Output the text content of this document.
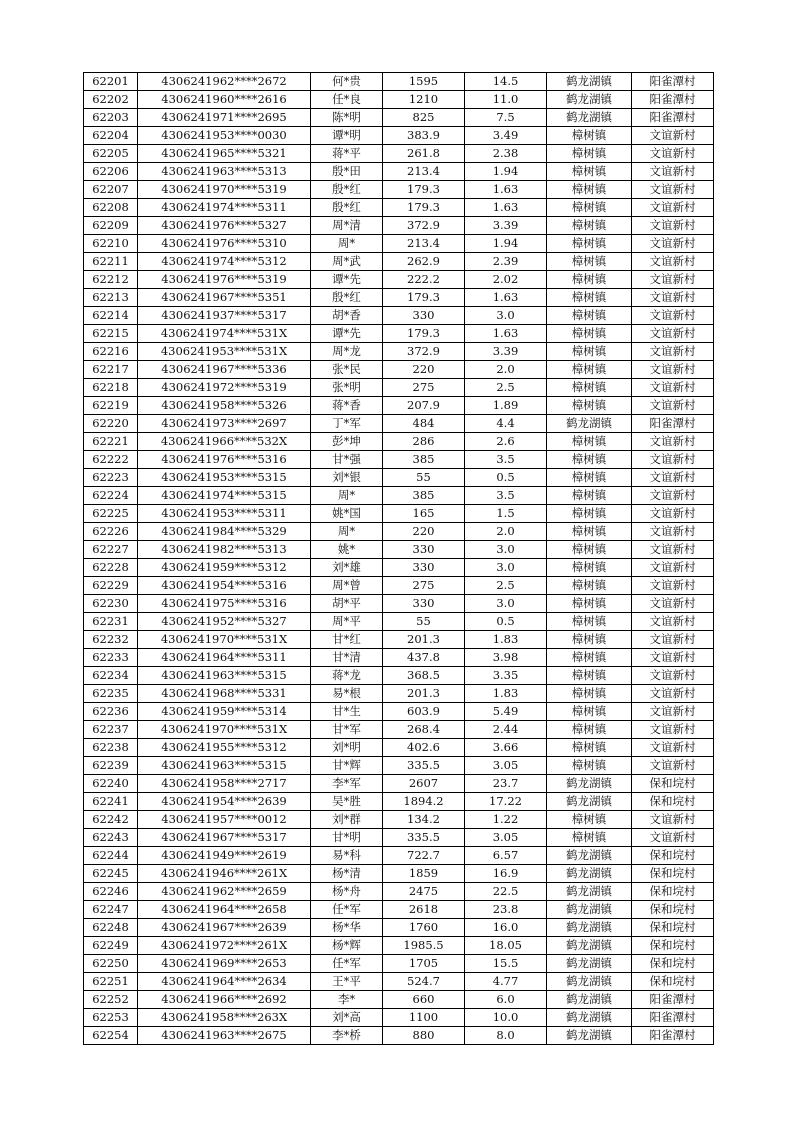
62201	4306241962****2672	何*贵	1595	14.5	鹤龙湖镇	阳雀潭村
62202	4306241960****2616	任*良	1210	11.0	鹤龙湖镇	阳雀潭村
62203	4306241971****2695	陈*明	825	7.5	鹤龙湖镇	阳雀潭村
62204	4306241953****0030	谭*明	383.9	3.49	樟树镇	文谊新村
62205	4306241965****5321	蒋*平	261.8	2.38	樟树镇	文谊新村
62206	4306241963****5313	殷*田	213.4	1.94	樟树镇	文谊新村
62207	4306241970****5319	殷*红	179.3	1.63	樟树镇	文谊新村
62208	4306241974****5311	殷*红	179.3	1.63	樟树镇	文谊新村
62209	4306241976****5327	周*清	372.9	3.39	樟树镇	文谊新村
62210	4306241976****5310	周*	213.4	1.94	樟树镇	文谊新村
62211	4306241974****5312	周*武	262.9	2.39	樟树镇	文谊新村
62212	4306241976****5319	谭*先	222.2	2.02	樟树镇	文谊新村
62213	4306241967****5351	殷*红	179.3	1.63	樟树镇	文谊新村
62214	4306241937****5317	胡*香	330	3.0	樟树镇	文谊新村
62215	4306241974****531X	谭*先	179.3	1.63	樟树镇	文谊新村
62216	4306241953****531X	周*龙	372.9	3.39	樟树镇	文谊新村
62217	4306241967****5336	张*民	220	2.0	樟树镇	文谊新村
62218	4306241972****5319	张*明	275	2.5	樟树镇	文谊新村
62219	4306241958****5326	蒋*香	207.9	1.89	樟树镇	文谊新村
62220	4306241973****2697	丁*军	484	4.4	鹤龙湖镇	阳雀潭村
62221	4306241966****532X	彭*坤	286	2.6	樟树镇	文谊新村
62222	4306241976****5316	甘*强	385	3.5	樟树镇	文谊新村
62223	4306241953****5315	刘*银	55	0.5	樟树镇	文谊新村
62224	4306241974****5315	周*	385	3.5	樟树镇	文谊新村
62225	4306241953****5311	姚*国	165	1.5	樟树镇	文谊新村
62226	4306241984****5329	周*	220	2.0	樟树镇	文谊新村
62227	4306241982****5313	姚*	330	3.0	樟树镇	文谊新村
62228	4306241959****5312	刘*雄	330	3.0	樟树镇	文谊新村
62229	4306241954****5316	周*曾	275	2.5	樟树镇	文谊新村
62230	4306241975****5316	胡*平	330	3.0	樟树镇	文谊新村
62231	4306241952****5327	周*平	55	0.5	樟树镇	文谊新村
62232	4306241970****531X	甘*红	201.3	1.83	樟树镇	文谊新村
62233	4306241964****5311	甘*清	437.8	3.98	樟树镇	文谊新村
62234	4306241963****5315	蒋*龙	368.5	3.35	樟树镇	文谊新村
62235	4306241968****5331	易*根	201.3	1.83	樟树镇	文谊新村
62236	4306241959****5314	甘*生	603.9	5.49	樟树镇	文谊新村
62237	4306241970****531X	甘*军	268.4	2.44	樟树镇	文谊新村
62238	4306241955****5312	刘*明	402.6	3.66	樟树镇	文谊新村
62239	4306241963****5315	甘*辉	335.5	3.05	樟树镇	文谊新村
62240	4306241958****2717	李*军	2607	23.7	鹤龙湖镇	保和垸村
62241	4306241954****2639	吴*胜	1894.2	17.22	鹤龙湖镇	保和垸村
62242	4306241957****0012	刘*群	134.2	1.22	樟树镇	文谊新村
62243	4306241967****5317	甘*明	335.5	3.05	樟树镇	文谊新村
62244	4306241949****2619	易*科	722.7	6.57	鹤龙湖镇	保和垸村
62245	4306241946****261X	杨*清	1859	16.9	鹤龙湖镇	保和垸村
62246	4306241962****2659	杨*舟	2475	22.5	鹤龙湖镇	保和垸村
62247	4306241964****2658	任*军	2618	23.8	鹤龙湖镇	保和垸村
62248	4306241967****2639	杨*华	1760	16.0	鹤龙湖镇	保和垸村
62249	4306241972****261X	杨*辉	1985.5	18.05	鹤龙湖镇	保和垸村
62250	4306241969****2653	任*军	1705	15.5	鹤龙湖镇	保和垸村
62251	4306241964****2634	王*平	524.7	4.77	鹤龙湖镇	保和垸村
62252	4306241966****2692	李*	660	6.0	鹤龙湖镇	阳雀潭村
62253	4306241958****263X	刘*高	1100	10.0	鹤龙湖镇	阳雀潭村
62254	4306241963****2675	李*桥	880	8.0	鹤龙湖镇	阳雀潭村
